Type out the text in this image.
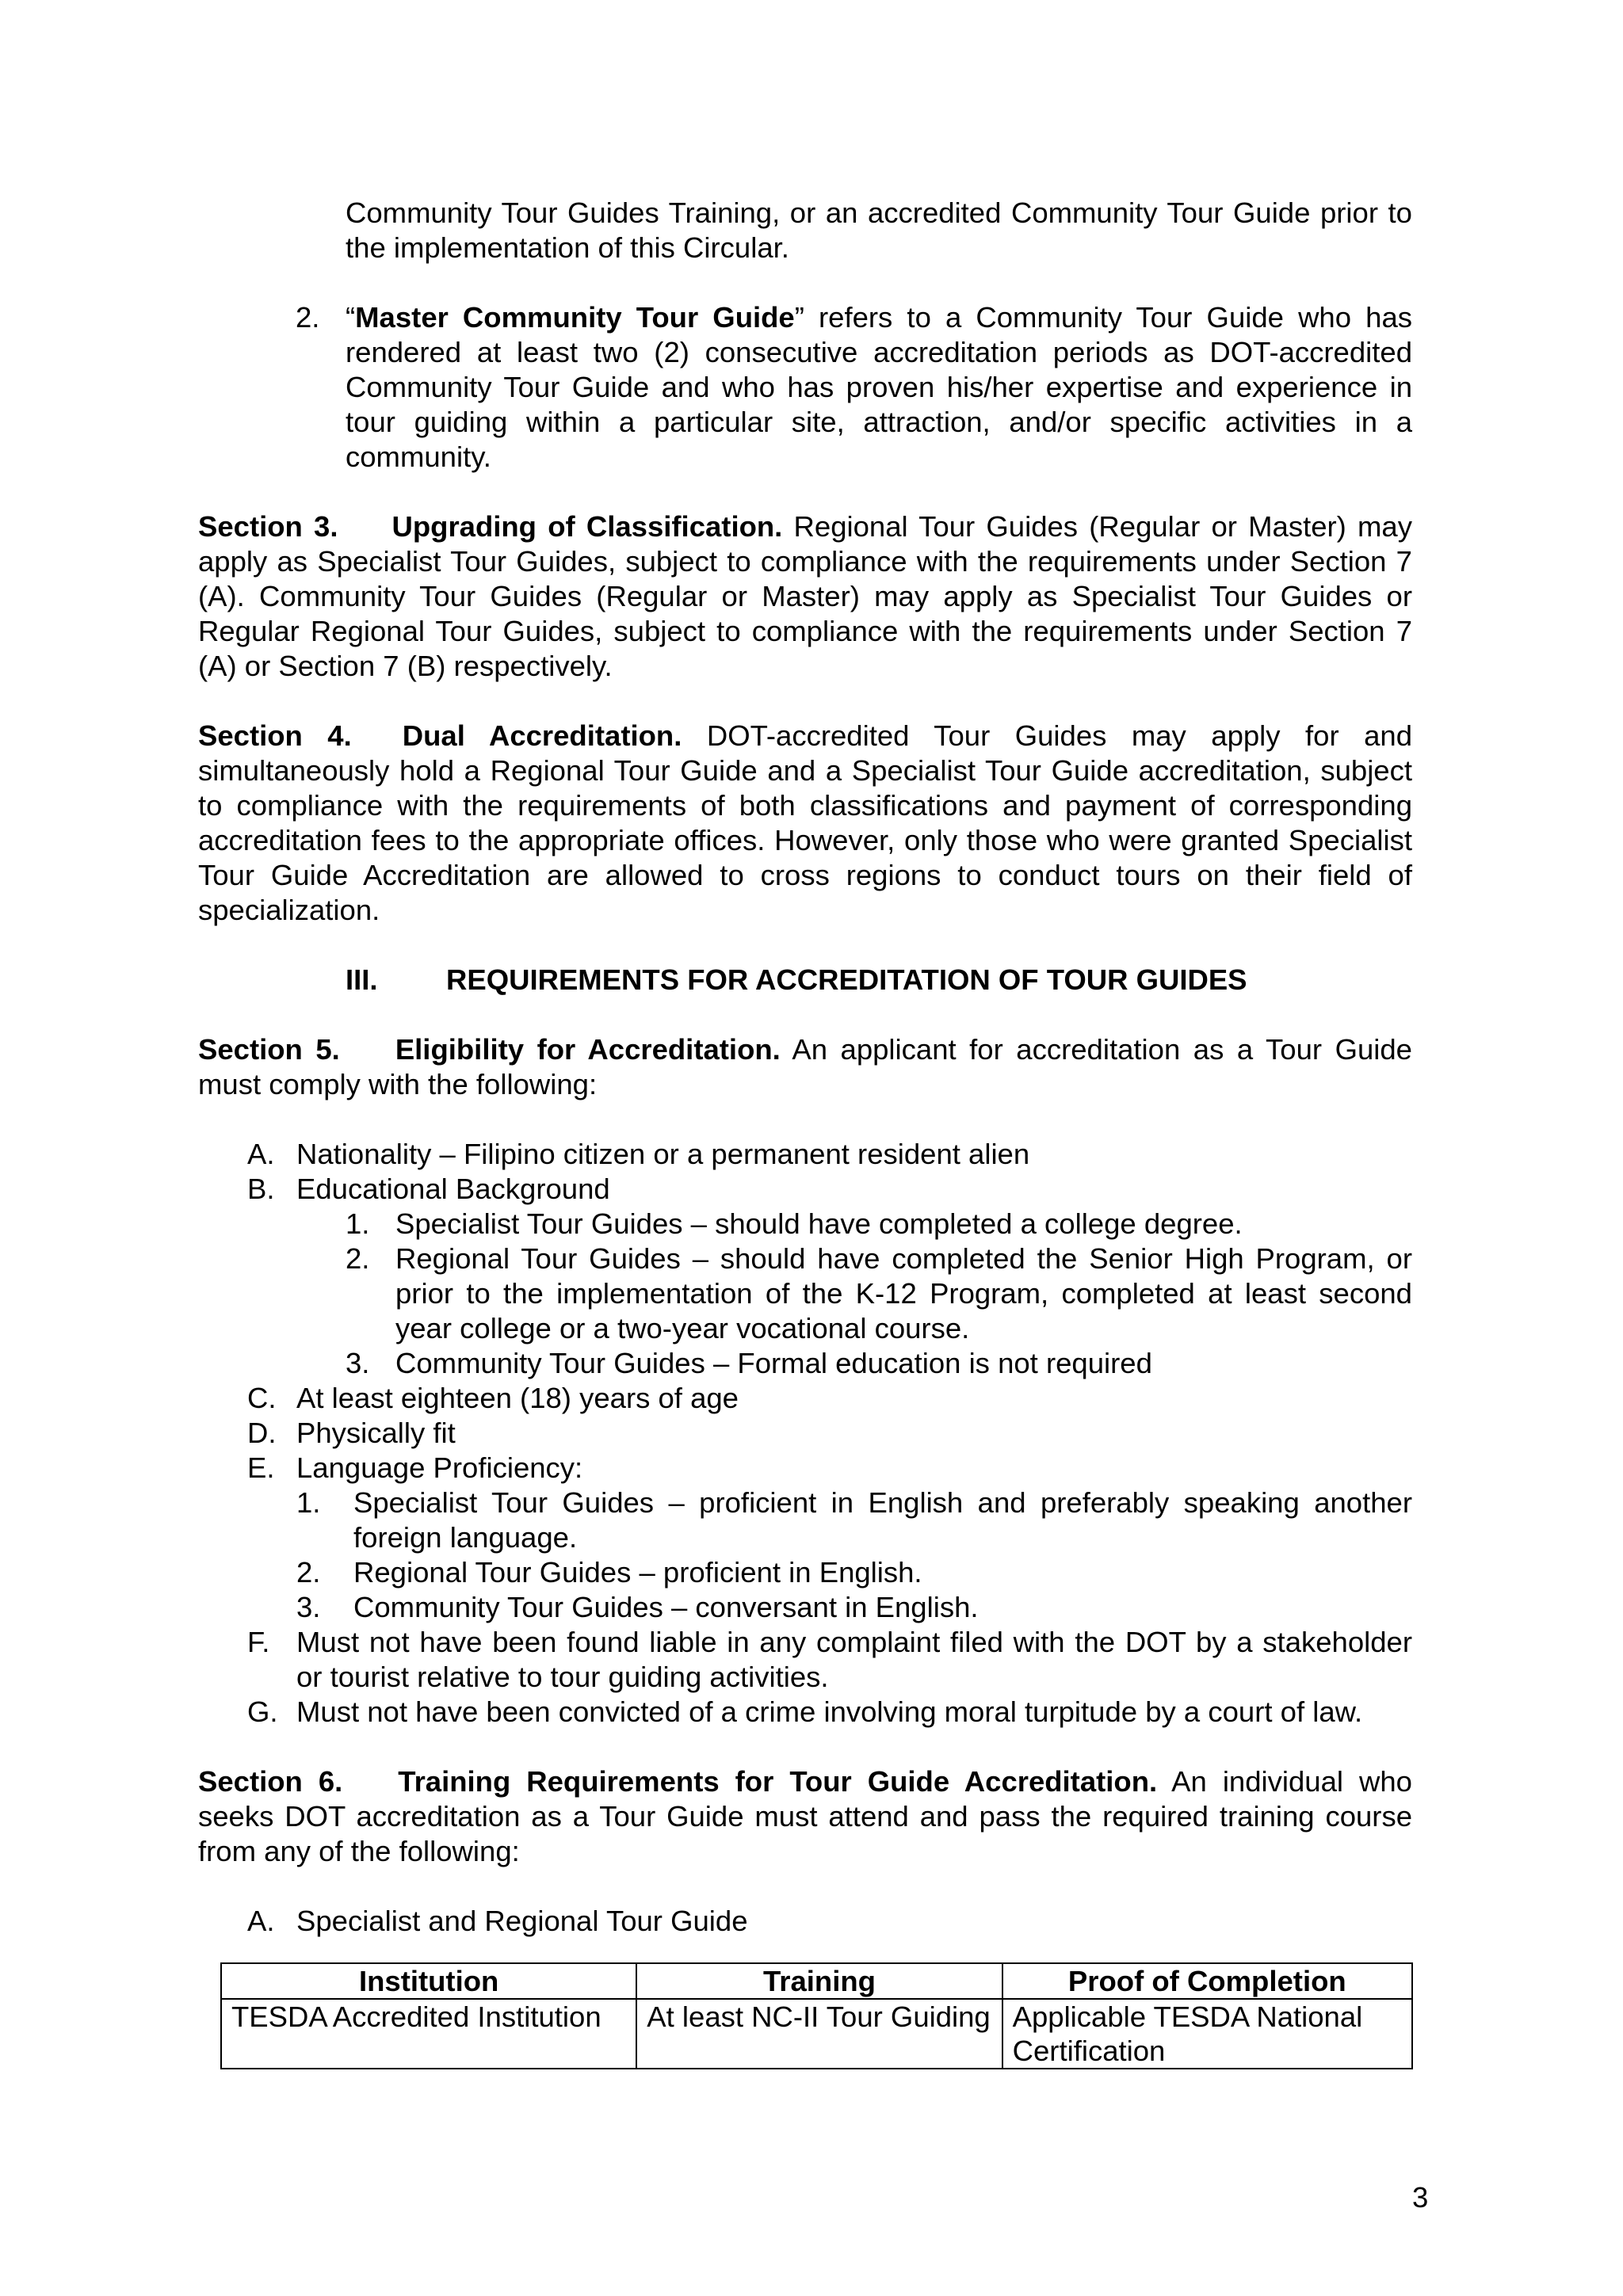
Community Tour Guides Training, or an accredited Community Tour Guide prior to the implementation of this Circular.
2. “Master Community Tour Guide” refers to a Community Tour Guide who has rendered at least two (2) consecutive accreditation periods as DOT-accredited Community Tour Guide and who has proven his/her expertise and experience in tour guiding within a particular site, attraction, and/or specific activities in a community.
Section 3. Upgrading of Classification. Regional Tour Guides (Regular or Master) may apply as Specialist Tour Guides, subject to compliance with the requirements under Section 7 (A). Community Tour Guides (Regular or Master) may apply as Specialist Tour Guides or Regular Regional Tour Guides, subject to compliance with the requirements under Section 7 (A) or Section 7 (B) respectively.
Section 4. Dual Accreditation. DOT-accredited Tour Guides may apply for and simultaneously hold a Regional Tour Guide and a Specialist Tour Guide accreditation, subject to compliance with the requirements of both classifications and payment of corresponding accreditation fees to the appropriate offices. However, only those who were granted Specialist Tour Guide Accreditation are allowed to cross regions to conduct tours on their field of specialization.
III. REQUIREMENTS FOR ACCREDITATION OF TOUR GUIDES
Section 5. Eligibility for Accreditation. An applicant for accreditation as a Tour Guide must comply with the following:
A. Nationality – Filipino citizen or a permanent resident alien
B. Educational Background
1. Specialist Tour Guides – should have completed a college degree.
2. Regional Tour Guides – should have completed the Senior High Program, or prior to the implementation of the K-12 Program, completed at least second year college or a two-year vocational course.
3. Community Tour Guides – Formal education is not required
C. At least eighteen (18) years of age
D. Physically fit
E. Language Proficiency:
1. Specialist Tour Guides – proficient in English and preferably speaking another foreign language.
2. Regional Tour Guides – proficient in English.
3. Community Tour Guides – conversant in English.
F. Must not have been found liable in any complaint filed with the DOT by a stakeholder or tourist relative to tour guiding activities.
G. Must not have been convicted of a crime involving moral turpitude by a court of law.
Section 6. Training Requirements for Tour Guide Accreditation. An individual who seeks DOT accreditation as a Tour Guide must attend and pass the required training course from any of the following:
A. Specialist and Regional Tour Guide
Institution	Training	Proof of Completion
TESDA Accredited Institution	At least NC-II Tour Guiding	Applicable TESDA National Certification
3
